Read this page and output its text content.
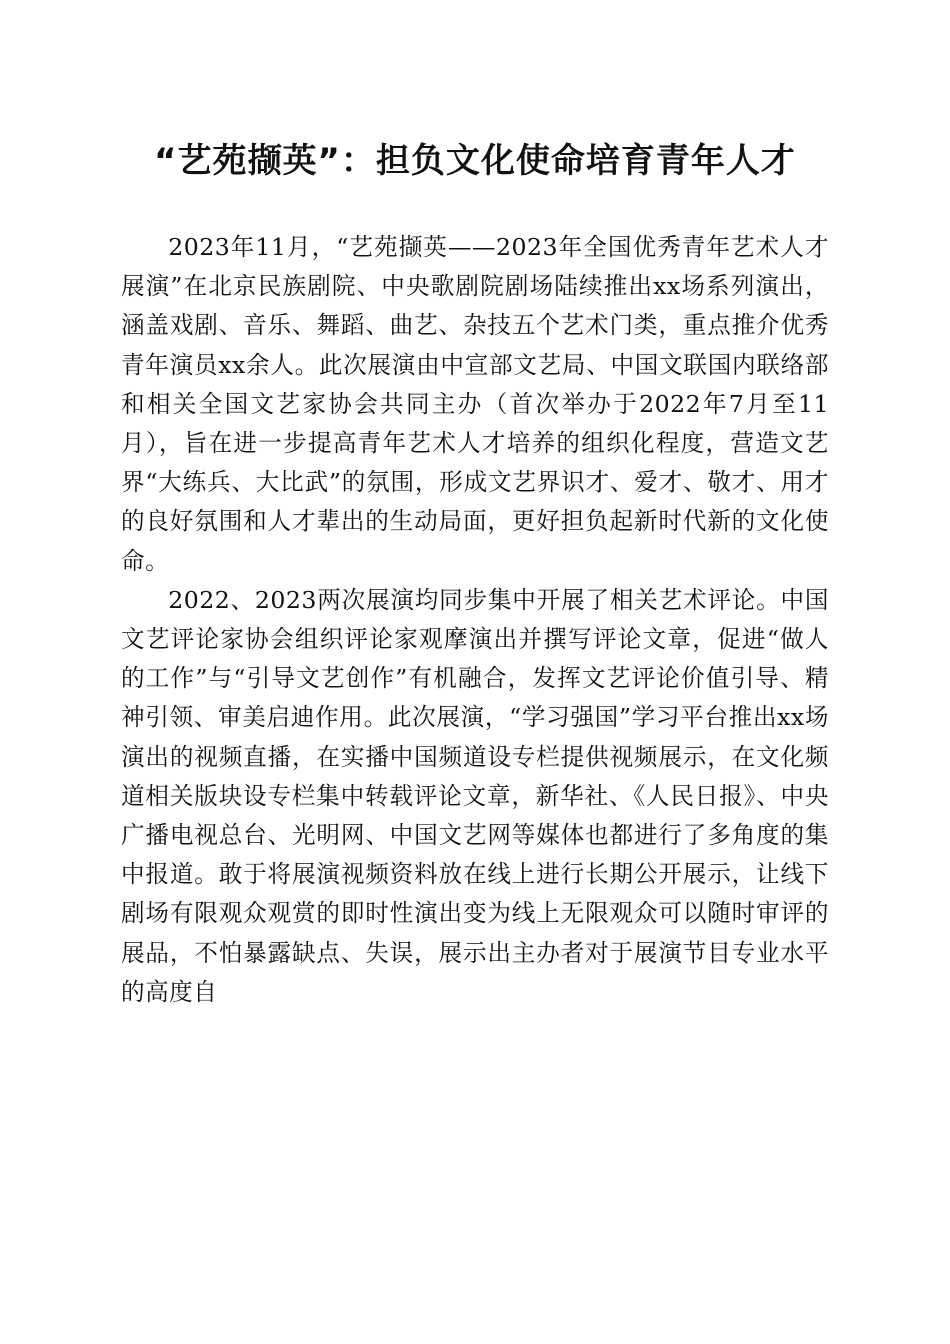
“艺苑撷英”：担负文化使命培育青年人才

2023年11月，“艺苑撷英——2023年全国优秀青年艺术人才展演”在北京民族剧院、中央歌剧院剧场陆续推出xx场系列演出，涵盖戏剧、音乐、舞蹈、曲艺、杂技五个艺术门类，重点推介优秀青年演员xx余人。此次展演由中宣部文艺局、中国文联国内联络部和相关全国文艺家协会共同主办（首次举办于2022年7月至11月），旨在进一步提高青年艺术人才培养的组织化程度，营造文艺界“大练兵、大比武”的氛围，形成文艺界识才、爱才、敬才、用才的良好氛围和人才辈出的生动局面，更好担负起新时代新的文化使命。

2022、2023两次展演均同步集中开展了相关艺术评论。中国文艺评论家协会组织评论家观摩演出并撰写评论文章，促进“做人的工作”与“引导文艺创作”有机融合，发挥文艺评论价值引导、精神引领、审美启迪作用。此次展演，“学习强国”学习平台推出xx场演出的视频直播，在实播中国频道设专栏提供视频展示，在文化频道相关版块设专栏集中转载评论文章，新华社、《人民日报》、中央广播电视总台、光明网、中国文艺网等媒体也都进行了多角度的集中报道。敢于将展演视频资料放在线上进行长期公开展示，让线下剧场有限观众观赏的即时性演出变为线上无限观众可以随时审评的展品，不怕暴露缺点、失误，展示出主办者对于展演节目专业水平的高度自
